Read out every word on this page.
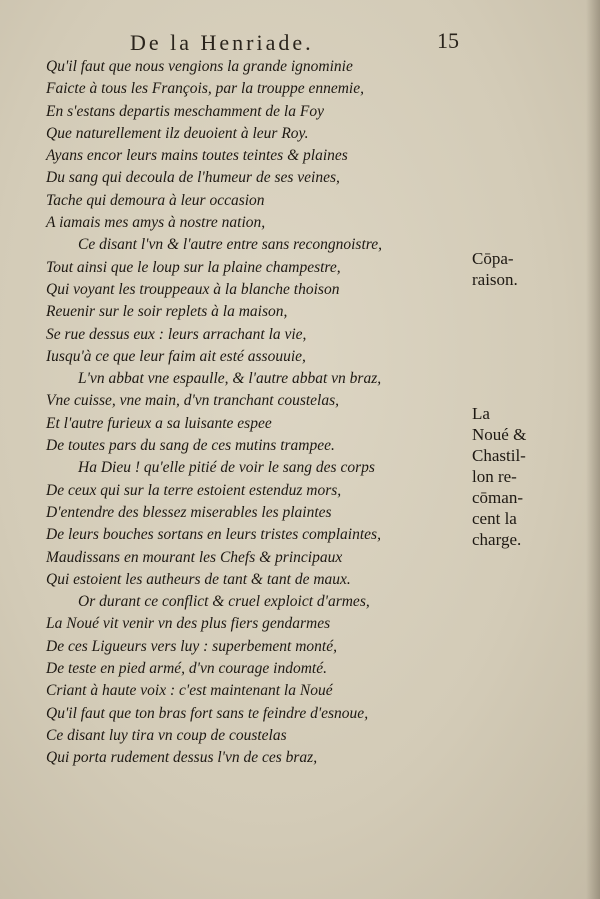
De la Henriade.	15

Qu'il faut que nous vengions la grande ignominie
Faicte à tous les François, par la trouppe ennemie,
En s'estans departis meschamment de la Foy
Que naturellement ilz deuoient à leur Roy.
Ayans encor leurs mains toutes teintes & plaines
Du sang qui decoula de l'humeur de ses veines,
Tache qui demoura à leur occasion
A iamais mes amys à nostre nation,
Ce disant l'vn & l'autre entre sans recongnoistre,
Tout ainsi que le loup sur la plaine champestre,
Qui voyant les trouppeaux à la blanche thoison
Reuenir sur le soir replets à la maison,
Se rue dessus eux : leurs arrachant la vie,
Iusqu'à ce que leur faim ait esté assouuie,
L'vn abbat vne espaulle, & l'autre abbat vn braz,
Vne cuisse, vne main, d'vn tranchant coustelas,
Et l'autre furieux a sa luisante espee
De toutes pars du sang de ces mutins trampee.
Ha Dieu ! qu'elle pitié de voir le sang des corps
De ceux qui sur la terre estoient estenduz mors,
D'entendre des blessez miserables les plaintes
De leurs bouches sortans en leurs tristes complaintes,
Maudissans en mourant les Chefs & principaux
Qui estoient les autheurs de tant & tant de maux.
Or durant ce conflict & cruel exploict d'armes,
La Noué vit venir vn des plus fiers gendarmes
De ces Ligueurs vers luy : superbement monté,
De teste en pied armé, d'vn courage indomté.
Criant à haute voix : c'est maintenant la Noué
Qu'il faut que ton bras fort sans te feindre d'esnoue,
Ce disant luy tira vn coup de coustelas
Qui porta rudement dessus l'vn de ces braz,
Cōpa-
raison.
La
Noué &
Chastil-
lon re-
cōman-
cent la
charge.
